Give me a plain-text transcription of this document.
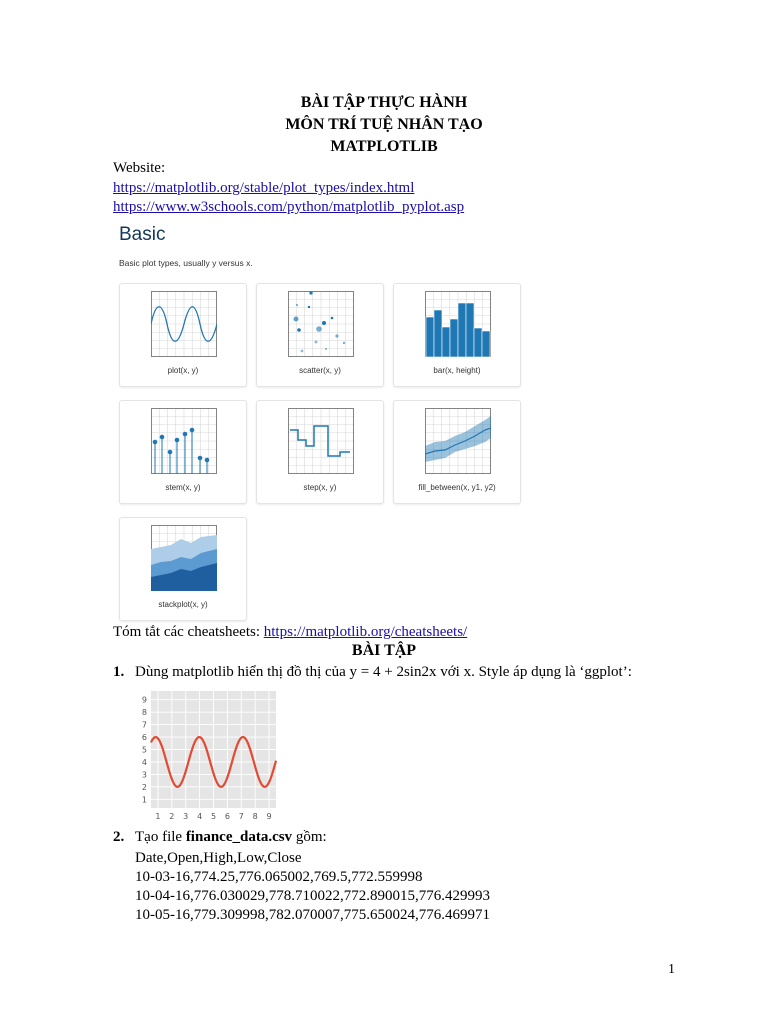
BÀI TẬP THỰC HÀNH
MÔN TRÍ TUỆ NHÂN TẠO
MATPLOTLIB
Website:
https://matplotlib.org/stable/plot_types/index.html
https://www.w3schools.com/python/matplotlib_pyplot.asp
Basic
Basic plot types, usually y versus x.
plot(x, y)	scatter(x, y)	bar(x, height)
stem(x, y)	step(x, y)	fill_between(x, y1, y2)
stackplot(x, y)
Tóm tắt các cheatsheets: https://matplotlib.org/cheatsheets/
BÀI TẬP
1. Dùng matplotlib hiển thị đồ thị của y = 4 + 2sin2x với x. Style áp dụng là ‘ggplot’:
1
2
3
4
5
6
7
8
9
1 2 3 4 5 6 7 8 9
2. Tạo file finance_data.csv gồm:
Date,Open,High,Low,Close
10-03-16,774.25,776.065002,769.5,772.559998
10-04-16,776.030029,778.710022,772.890015,776.429993
10-05-16,779.309998,782.070007,775.650024,776.469971
1
